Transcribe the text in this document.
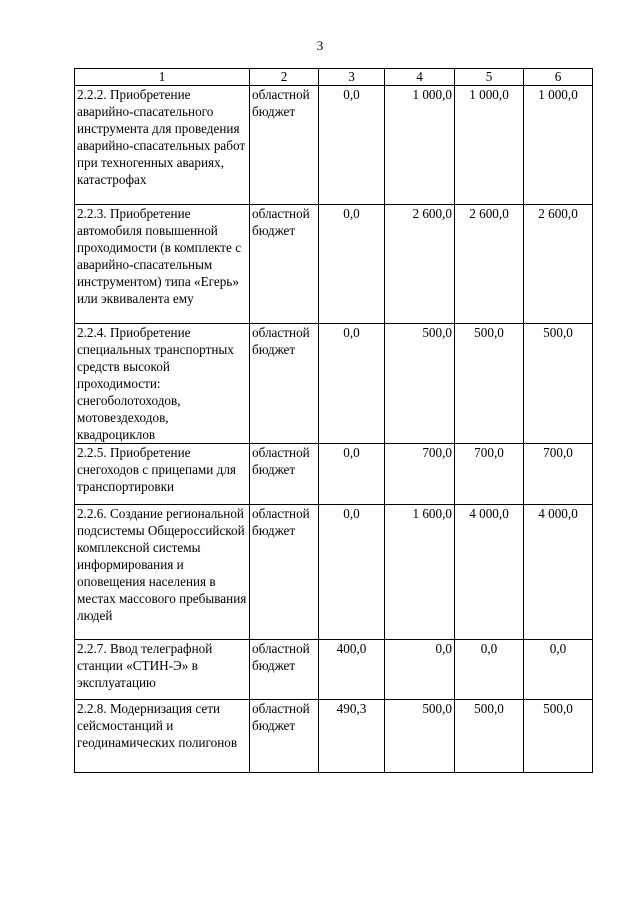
3
1	2	3	4	5	6
2.2.2. Приобретение аварийно-спасательного инструмента для проведения аварийно-спасательных работ при техногенных авариях, катастрофах	областной бюджет	0,0	1 000,0	1 000,0	1 000,0
2.2.3. Приобретение автомобиля повышенной проходимости (в комплекте с аварийно-спасательным инструментом) типа «Егерь» или эквивалента ему	областной бюджет	0,0	2 600,0	2 600,0	2 600,0
2.2.4. Приобретение специальных транспортных средств высокой проходимости: снегоболотоходов, мотовездеходов, квадроциклов	областной бюджет	0,0	500,0	500,0	500,0
2.2.5. Приобретение снегоходов с прицепами для транспортировки	областной бюджет	0,0	700,0	700,0	700,0
2.2.6. Создание региональной подсистемы Общероссийской комплексной системы информирования и оповещения населения в местах массового пребывания людей	областной бюджет	0,0	1 600,0	4 000,0	4 000,0
2.2.7. Ввод телеграфной станции «СТИН-Э» в эксплуатацию	областной бюджет	400,0	0,0	0,0	0,0
2.2.8. Модернизация сети сейсмостанций и геодинамических полигонов	областной бюджет	490,3	500,0	500,0	500,0
